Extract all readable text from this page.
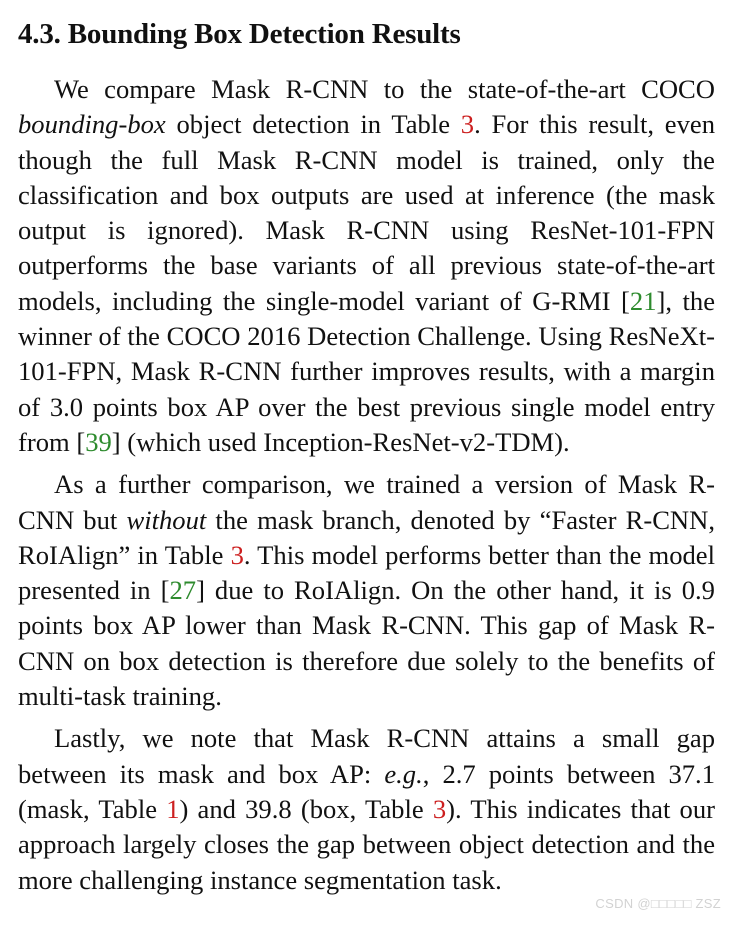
4.3. Bounding Box Detection Results

We compare Mask R-CNN to the state-of-the-art COCO bounding-box object detection in Table 3. For this result, even though the full Mask R-CNN model is trained, only the classification and box outputs are used at inference (the mask output is ignored). Mask R-CNN using ResNet-101-FPN outperforms the base variants of all previous state-of-the-art models, including the single-model variant of G-RMI [21], the winner of the COCO 2016 Detection Challenge. Using ResNeXt-101-FPN, Mask R-CNN further improves results, with a margin of 3.0 points box AP over the best previous single model entry from [39] (which used Inception-ResNet-v2-TDM).

As a further comparison, we trained a version of Mask R-CNN but without the mask branch, denoted by “Faster R-CNN, RoIAlign” in Table 3. This model performs better than the model presented in [27] due to RoIAlign. On the other hand, it is 0.9 points box AP lower than Mask R-CNN. This gap of Mask R-CNN on box detection is therefore due solely to the benefits of multi-task training.

Lastly, we note that Mask R-CNN attains a small gap between its mask and box AP: e.g., 2.7 points between 37.1 (mask, Table 1) and 39.8 (box, Table 3). This indicates that our approach largely closes the gap between object detection and the more challenging instance segmentation task.

CSDN @□□□□□ ZSZ
